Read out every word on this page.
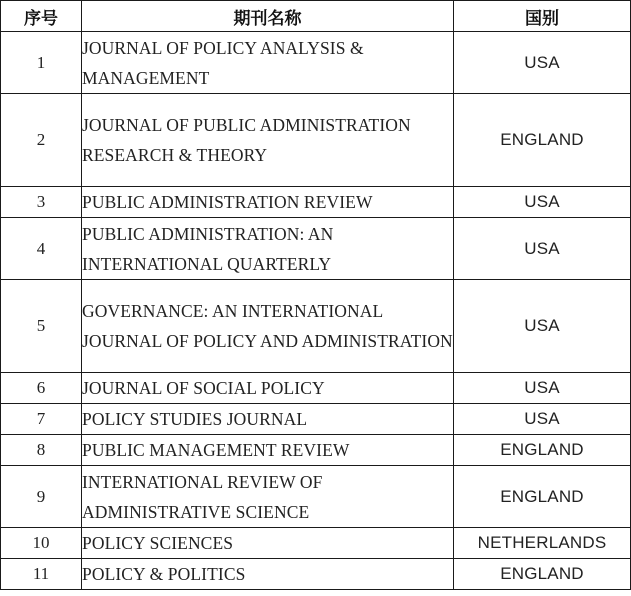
序号	期刊名称	国别
1	JOURNAL OF POLICY ANALYSIS & MANAGEMENT	USA
2	JOURNAL OF PUBLIC ADMINISTRATION RESEARCH & THEORY	ENGLAND
3	PUBLIC ADMINISTRATION REVIEW	USA
4	PUBLIC ADMINISTRATION: AN INTERNATIONAL QUARTERLY	USA
5	GOVERNANCE: AN INTERNATIONAL JOURNAL OF POLICY AND ADMINISTRATION	USA
6	JOURNAL OF SOCIAL POLICY	USA
7	POLICY STUDIES JOURNAL	USA
8	PUBLIC MANAGEMENT REVIEW	ENGLAND
9	INTERNATIONAL REVIEW OF ADMINISTRATIVE SCIENCE	ENGLAND
10	POLICY SCIENCES	NETHERLANDS
11	POLICY & POLITICS	ENGLAND
